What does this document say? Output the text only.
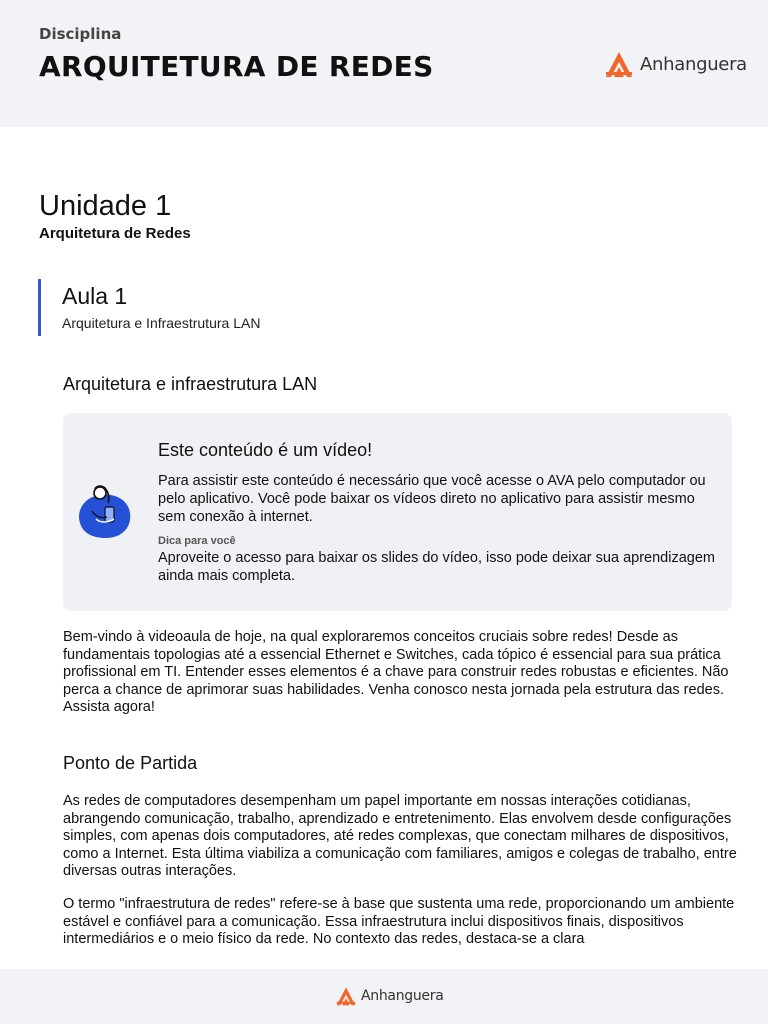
Disciplina
ARQUITETURA DE REDES	Anhanguera
Unidade 1
Arquitetura de Redes
Aula 1
Arquitetura e Infraestrutura LAN
Arquitetura e infraestrutura LAN
Este conteúdo é um vídeo!
Para assistir este conteúdo é necessário que você acesse o AVA pelo computador ou pelo aplicativo. Você pode baixar os vídeos direto no aplicativo para assistir mesmo sem conexão à internet.
Dica para você
Aproveite o acesso para baixar os slides do vídeo, isso pode deixar sua aprendizagem ainda mais completa.
Bem-vindo à videoaula de hoje, na qual exploraremos conceitos cruciais sobre redes! Desde as fundamentais topologias até a essencial Ethernet e Switches, cada tópico é essencial para sua prática profissional em TI. Entender esses elementos é a chave para construir redes robustas e eficientes. Não perca a chance de aprimorar suas habilidades. Venha conosco nesta jornada pela estrutura das redes. Assista agora!
Ponto de Partida
As redes de computadores desempenham um papel importante em nossas interações cotidianas, abrangendo comunicação, trabalho, aprendizado e entretenimento. Elas envolvem desde configurações simples, com apenas dois computadores, até redes complexas, que conectam milhares de dispositivos, como a Internet. Esta última viabiliza a comunicação com familiares, amigos e colegas de trabalho, entre diversas outras interações.
O termo "infraestrutura de redes" refere-se à base que sustenta uma rede, proporcionando um ambiente estável e confiável para a comunicação. Essa infraestrutura inclui dispositivos finais, dispositivos intermediários e o meio físico da rede. No contexto das redes, destaca-se a clara
Anhanguera
